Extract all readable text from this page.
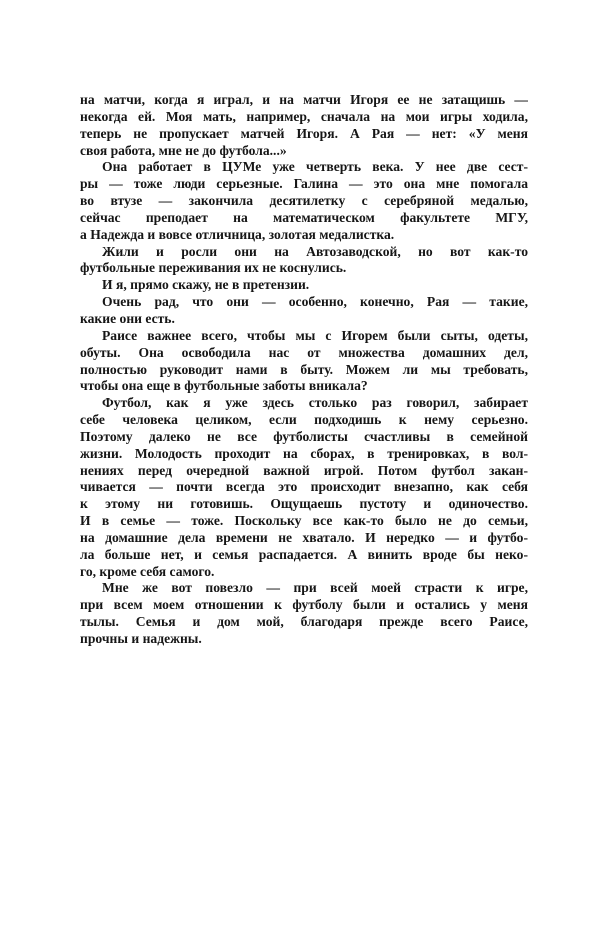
на матчи, когда я играл, и на матчи Игоря ее не затащишь —
некогда ей. Моя мать, например, сначала на мои игры ходила,
теперь не пропускает матчей Игоря. А Рая — нет: «У меня
своя работа, мне не до футбола...»
Она работает в ЦУМе уже четверть века. У нее две сест-
ры — тоже люди серьезные. Галина — это она мне помогала
во втузе — закончила десятилетку с серебряной медалью,
сейчас преподает на математическом факультете МГУ,
а Надежда и вовсе отличница, золотая медалистка.
Жили и росли они на Автозаводской, но вот как-то
футбольные переживания их не коснулись.
И я, прямо скажу, не в претензии.
Очень рад, что они — особенно, конечно, Рая — такие,
какие они есть.
Раисе важнее всего, чтобы мы с Игорем были сыты, одеты,
обуты. Она освободила нас от множества домашних дел,
полностью руководит нами в быту. Можем ли мы требовать,
чтобы она еще в футбольные заботы вникала?
Футбол, как я уже здесь столько раз говорил, забирает
себе человека целиком, если подходишь к нему серьезно.
Поэтому далеко не все футболисты счастливы в семейной
жизни. Молодость проходит на сборах, в тренировках, в вол-
нениях перед очередной важной игрой. Потом футбол закан-
чивается — почти всегда это происходит внезапно, как себя
к этому ни готовишь. Ощущаешь пустоту и одиночество.
И в семье — тоже. Поскольку все как-то было не до семьи,
на домашние дела времени не хватало. И нередко — и футбо-
ла больше нет, и семья распадается. А винить вроде бы неко-
го, кроме себя самого.
Мне же вот повезло — при всей моей страсти к игре,
при всем моем отношении к футболу были и остались у меня
тылы. Семья и дом мой, благодаря прежде всего Раисе,
прочны и надежны.
